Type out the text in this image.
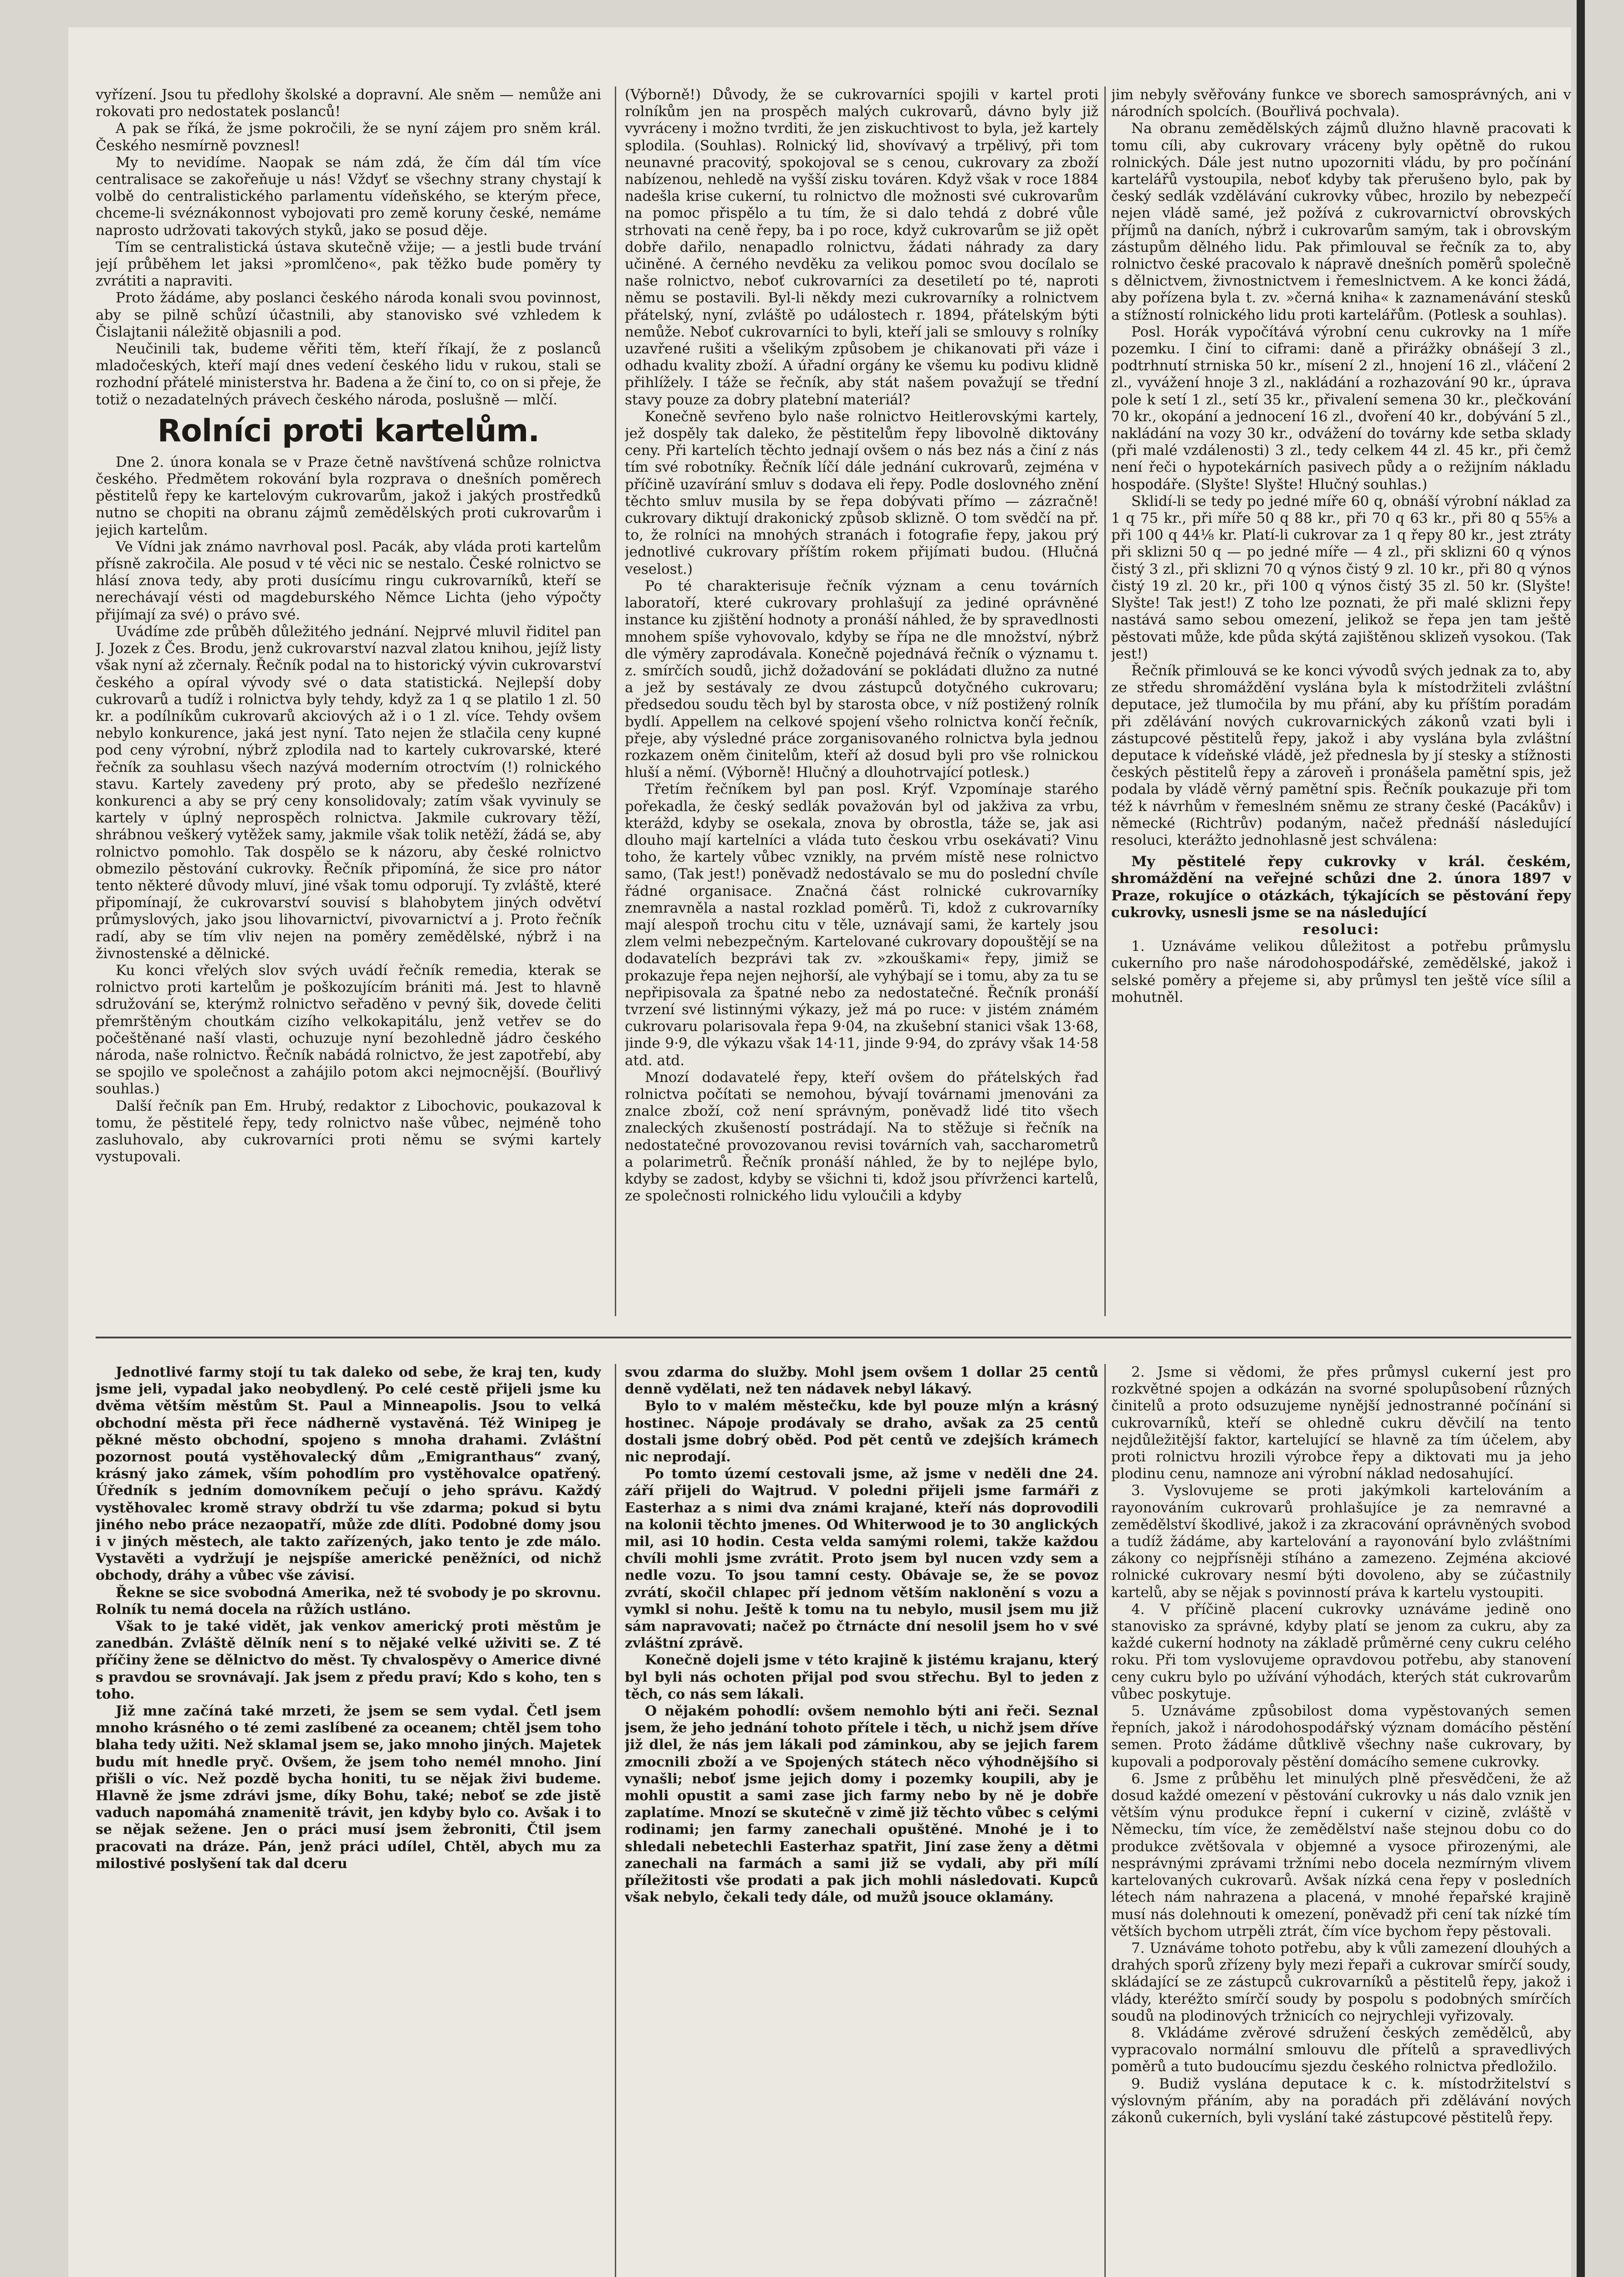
vyřízení. Jsou tu předlohy školské a dopravní. Ale sněm — nemůže ani rokovati pro nedostatek poslanců!

A pak se říká, že jsme pokročili, že se nyní zájem pro sněm král. Českého nesmírně povznesl!

My to nevidíme. Naopak se nám zdá, že čím dál tím více centralisace se zakořeňuje u nás! Vždyť se všechny strany chystají k volbě do centralistického parlamentu vídeňského, se kterým přece, chceme-li svéznákonnost vybojovati pro země koruny české, nemáme naprosto udržovati takových styků, jako se posud děje.

Tím se centralistická ústava skutečně vžije; — a jestli bude trvání její průběhem let jaksi »promlčeno«, pak těžko bude poměry ty zvrátiti a napraviti.

Proto žádáme, aby poslanci českého národa konali svou povinnost, aby se pilně schůzí účastnili, aby stanovisko své vzhledem k Čislajtanii náležitě objasnili a pod.

Neučinili tak, budeme věřiti těm, kteří říkají, že z poslanců mladočeských, kteří mají dnes vedení českého lidu v rukou, stali se rozhodní přátelé ministerstva hr. Badena a že činí to, co on si přeje, že totiž o nezadatelných právech českého národa, poslušně — mlčí.

Rolníci proti kartelům.

Dne 2. února konala se v Praze četně navštívená schůze rolnictva českého. Předmětem rokování byla rozprava o dnešních poměrech pěstitelů řepy ke kartelovým cukrovarům, jakož i jakých prostředků nutno se chopiti na obranu zájmů zemědělských proti cukrovarům i jejich kartelům.

Ve Vídni jak známo navrhoval posl. Pacák, aby vláda proti kartelům přísně zakročila. Ale posud v té věci nic se nestalo. České rolnictvo se hlásí znova tedy, aby proti dusícímu ringu cukrovarníků, kteří se nerechávají vésti od magdeburského Němce Lichta (jeho výpočty přijímají za své) o právo své.

Uvádíme zde průběh důležitého jednání. Nejprvé mluvil řiditel pan J. Jozek z Čes. Brodu, jenž cukrovarství nazval zlatou knihou, jejíž listy však nyní až zčernaly. Řečník podal na to historický vývin cukrovarství českého a opíral vývody své o data statistická. Nejlepší doby cukrovarů a tudíž i rolnictva byly tehdy, když za 1 q se platilo 1 zl. 50 kr. a podílníkům cukrovarů akciových až i o 1 zl. více. Tehdy ovšem nebylo konkurence, jaká jest nyní. Tato nejen že stlačila ceny kupné pod ceny výrobní, nýbrž zplodila nad to kartely cukrovarské, které řečník za souhlasu všech nazývá moderním otroctvím (!) rolnického stavu. Kartely zavedeny prý proto, aby se předešlo nezřízené konkurenci a aby se prý ceny konsolidovaly; zatím však vyvinuly se kartely v úplný neprospěch rolnictva. Jakmile cukrovary těží, shrábnou veškerý vytěžek samy, jakmile však tolik netěží, žádá se, aby rolnictvo pomohlo. Tak dospělo se k názoru, aby české rolnictvo obmezilo pěstování cukrovky. Řečník připomíná, že sice pro nátor tento některé důvody mluví, jiné však tomu odporují. Ty zvláště, které připomínají, že cukrovarství souvisí s blahobytem jiných odvětví průmyslových, jako jsou lihovarnictví, pivovarnictví a j. Proto řečník radí, aby se tím vliv nejen na poměry zemědělské, nýbrž i na živnostenské a dělnické.

Ku konci vřelých slov svých uvádí řečník remedia, kterak se rolnictvo proti kartelům je poškozujícím brániti má. Jest to hlavně sdružování se, kterýmž rolnictvo seřaděno v pevný šik, dovede čeliti přemrštěným choutkám cizího velkokapitálu, jenž vetřev se do počeštěnané naší vlasti, ochuzuje nyní bezohledně jádro českého národa, naše rolnictvo. Řečník nabádá rolnictvo, že jest zapotřebí, aby se spojilo ve společnost a zahájilo potom akci nejmocnější. (Bouřlivý souhlas.)

Další řečník pan Em. Hrubý, redaktor z Libochovic, poukazoval k tomu, že pěstitelé řepy, tedy rolnictvo naše vůbec, nejméně toho zasluhovalo, aby cukrovarníci proti němu se svými kartely vystupovali.

(Výborně!) Důvody, že se cukrovarníci spojili v kartel proti rolníkům jen na prospěch malých cukrovarů, dávno byly již vyvráceny i možno tvrditi, že jen ziskuchtivost to byla, jež kartely splodila. (Souhlas). Rolnický lid, shovívavý a trpělivý, při tom neunavné pracovitý, spokojoval se s cenou, cukrovary za zboží nabízenou, nehledě na vyšší zisku továren. Když však v roce 1884 nadešla krise cukerní, tu rolnictvo dle možnosti své cukrovarům na pomoc přispělo a tu tím, že si dalo tehdá z dobré vůle strhovati na ceně řepy, ba i po roce, když cukrovarům se již opět dobře dařilo, nenapadlo rolnictvu, žádati náhrady za dary učiněné. A černého nevděku za velikou pomoc svou docílalo se naše rolnictvo, neboť cukrovarníci za desetiletí po té, naproti němu se postavili. Byl-li někdy mezi cukrovarníky a rolnictvem přátelský, nyní, zvláště po událostech r. 1894, přátelským býti nemůže. Neboť cukrovarníci to byli, kteří jali se smlouvy s rolníky uzavřené rušiti a všelikým způsobem je chikanovati při váze i odhadu kvality zboží. A úřadní orgány ke všemu ku podivu klidně přihlížely. I táže se řečník, aby stát našem považují se třední stavy pouze za dobry platební materiál?

Konečně sevřeno bylo naše rolnictvo Heitlerovskými kartely, jež dospěly tak daleko, že pěstitelům řepy libovolně diktovány ceny. Při kartelích těchto jednají ovšem o nás bez nás a činí z nás tím své robotníky. Řečník líčí dále jednání cukrovarů, zejména v příčině uzavírání smluv s dodava eli řepy. Podle doslovného znění těchto smluv musila by se řepa dobývati přímo — zázračně! cukrovary diktují drakonický způsob sklizně. O tom svědčí na př. to, že rolníci na mnohých stranách i fotografie řepy, jakou prý jednotlivé cukrovary příštím rokem přijímati budou. (Hlučná veselost.)

Po té charakterisuje řečník význam a cenu továrních laboratoří, které cukrovary prohlašují za jediné oprávněné instance ku zjištění hodnoty a pronáší náhled, že by spravedlnosti mnohem spíše vyhovovalo, kdyby se řípa ne dle množství, nýbrž dle výměry zaprodávala. Konečně pojednává řečník o významu t. z. smírčích soudů, jichž dožadování se pokládati dlužno za nutné a jež by sestávaly ze dvou zástupců dotyčného cukrovaru; předsedou soudu těch byl by starosta obce, v níž postižený rolník bydlí. Appellem na celkové spojení všeho rolnictva končí řečník, přeje, aby výsledné práce zorganisovaného rolnictva byla jednou rozkazem oněm činitelům, kteří až dosud byli pro vše rolnickou hluší a němí. (Výborně! Hlučný a dlouhotrvající potlesk.)

Třetím řečníkem byl pan posl. Krýf. Vzpomínaje starého pořekadla, že český sedlák považován byl od jakživa za vrbu, kterážd, kdyby se osekala, znova by obrostla, táže se, jak asi dlouho mají kartelníci a vláda tuto českou vrbu osekávati? Vinu toho, že kartely vůbec vznikly, na prvém místě nese rolnictvo samo, (Tak jest!) poněvadž nedostávalo se mu do poslední chvíle řádné organisace. Značná část rolnické cukrovarníky znemravněla a nastal rozklad poměrů. Ti, kdož z cukrovarníky mají alespoň trochu citu v těle, uznávají sami, že kartely jsou zlem velmi nebezpečným. Kartelované cukrovary dopouštějí se na dodavatelích bezprávi tak zv. »zkouškami« řepy, jimiž se prokazuje řepa nejen nejhorší, ale vyhýbají se i tomu, aby za tu se nepřipisovala za špatné nebo za nedostatečné. Řečník pronáší tvrzení své listinnými výkazy, jež má po ruce: v jistém známém cukrovaru polarisovala řepa 9·04, na zkušební stanici však 13·68, jinde 9·9, dle výkazu však 14·11, jinde 9·94, do zprávy však 14·58 atd. atd.

Mnozí dodavatelé řepy, kteří ovšem do přátelských řad rolnictva počítati se nemohou, bývají továrnami jmenováni za znalce zboží, což není správným, poněvadž lidé tito všech znaleckých zkušeností postrádají. Na to stěžuje si řečník na nedostatečné provozovanou revisi továrních vah, saccharometrů a polarimetrů. Řečník pronáší náhled, že by to nejlépe bylo, kdyby se zadost, kdyby se všichni ti, kdož jsou přívrženci kartelů, ze společnosti rolnického lidu vyloučili a kdyby

jim nebyly svěřovány funkce ve sborech samosprávných, ani v národních spolcích. (Bouřlivá pochvala).

Na obranu zemědělských zájmů dlužno hlavně pracovati k tomu cíli, aby cukrovary vráceny byly opětně do rukou rolnických. Dále jest nutno upozorniti vládu, by pro počínání kartelářů vystoupila, neboť kdyby tak přerušeno bylo, pak by český sedlák vzdělávání cukrovky vůbec, hrozilo by nebezpečí nejen vládě samé, jež požívá z cukrovarnictví obrovských příjmů na daních, nýbrž i cukrovarům samým, tak i obrovským zástupům dělného lidu. Pak přimlouval se řečník za to, aby rolnictvo české pracovalo k nápravě dnešních poměrů společně s dělnictvem, živnostnictvem i řemeslnictvem. A ke konci žádá, aby pořízena byla t. zv. »černá kniha« k zaznamenávání stesků a stížností rolnického lidu proti kartelářům. (Potlesk a souhlas).

Posl. Horák vypočítává výrobní cenu cukrovky na 1 míře pozemku. I činí to ciframi: daně a přirážky obnášejí 3 zl., podtrhnutí strniska 50 kr., mísení 2 zl., hnojení 16 zl., vláčení 2 zl., vyvážení hnoje 3 zl., nakládání a rozhazování 90 kr., úprava pole k setí 1 zl., setí 35 kr., přivalení semena 30 kr., plečkování 70 kr., okopání a jednocení 16 zl., dvoření 40 kr., dobývání 5 zl., nakládání na vozy 30 kr., odvážení do továrny kde setba sklady (při malé vzdálenosti) 3 zl., tedy celkem 44 zl. 45 kr., při čemž není řeči o hypotekárních pasivech půdy a o režijním nákladu hospodáře. (Slyšte! Slyšte! Hlučný souhlas.)

Sklidí-li se tedy po jedné míře 60 q, obnáší výrobní náklad za 1 q 75 kr., při míře 50 q 88 kr., při 70 q 63 kr., při 80 q 55⅝ a při 100 q 44⅛ kr. Platí-li cukrovar za 1 q řepy 80 kr., jest ztráty při sklizni 50 q — po jedné míře — 4 zl., při sklizni 60 q výnos čistý 3 zl., při sklizni 70 q výnos čistý 9 zl. 10 kr., při 80 q výnos čistý 19 zl. 20 kr., při 100 q výnos čistý 35 zl. 50 kr. (Slyšte! Slyšte! Tak jest!) Z toho lze poznati, že při malé sklizni řepy nastává samo sebou omezení, jelikož se řepa jen tam ještě pěstovati může, kde půda skýtá zajištěnou sklizeň vysokou. (Tak jest!)

Řečník přimlouvá se ke konci vývodů svých jednak za to, aby ze středu shromáždění vyslána byla k místodržiteli zvláštní deputace, jež tlumočila by mu přání, aby ku příštím poradám při zdělávání nových cukrovarnických zákonů vzati byli i zástupcové pěstitelů řepy, jakož i aby vyslána byla zvláštní deputace k vídeňské vládě, jež přednesla by jí stesky a stížnosti českých pěstitelů řepy a zároveň i pronášela pamětní spis, jež podala by vládě věrný pamětní spis. Řečník poukazuje při tom též k návrhům v řemeslném sněmu ze strany české (Pacákův) i německé (Richtrův) podaným, načež přednáší následující resoluci, kterážto jednohlasně jest schválena:

My pěstitelé řepy cukrovky v král. českém, shromáždění na veřejné schůzi dne 2. února 1897 v Praze, rokujíce o otázkách, týkajících se pěstování řepy cukrovky, usnesli jsme se na následující

resoluci:

1. Uznáváme velikou důležitost a potřebu průmyslu cukerního pro naše národohospodářské, zemědělské, jakož i selské poměry a přejeme si, aby průmysl ten ještě více sílil a mohutněl.

Jednotlivé farmy stojí tu tak daleko od sebe, že kraj ten, kudy jsme jeli, vypadal jako neobydlený. Po celé cestě přijeli jsme ku dvěma větším městům St. Paul a Minneapolis. Jsou to velká obchodní města při řece nádherně vystavěná. Též Winipeg je pěkné město obchodní, spojeno s mnoha drahami. Zvláštní pozornost poutá vystěhovalecký dům „Emigranthaus“ zvaný, krásný jako zámek, vším pohodlím pro vystěhovalce opatřený. Úředník s jedním domovníkem pečují o jeho správu. Každý vystěhovalec kromě stravy obdrží tu vše zdarma; pokud si bytu jiného nebo práce nezaopatří, může zde dlíti. Podobné domy jsou i v jiných městech, ale takto zařízených, jako tento je zde málo. Vystavěti a vydržují je nejspíše americké peněžníci, od nichž obchody, dráhy a vůbec vše závisí.

Řekne se sice svobodná Amerika, než té svobody je po skrovnu. Rolník tu nemá docela na růžích ustláno.

Však to je také vidět, jak venkov americký proti městům je zanedbán. Zvláště dělník není s to nějaké velké uživiti se. Z té příčiny žene se dělnictvo do měst. Ty chvalospěvy o Americe divné s pravdou se srovnávají. Jak jsem z předu praví; Kdo s koho, ten s toho.

Již mne začíná také mrzeti, že jsem se sem vydal. Četl jsem mnoho krásného o té zemi zaslíbené za oceanem; chtěl jsem toho blaha tedy užiti. Než sklamal jsem se, jako mnoho jiných. Majetek budu mít hnedle pryč. Ovšem, že jsem toho nemél mnoho. Jiní přišli o víc. Než pozdě bycha honiti, tu se nějak živi budeme. Hlavně že jsme zdrávi jsme, díky Bohu, také; neboť se zde jistě vaduch napomáhá znamenitě trávit, jen kdyby bylo co. Avšak i to se nějak sežene. Jen o práci musí jsem žebroniti, Čtil jsem pracovati na dráze. Pán, jenž práci udílel, Chtěl, abych mu za milostivé poslyšení tak dal dceru

svou zdarma do služby. Mohl jsem ovšem 1 dollar 25 centů denně vydělati, než ten nádavek nebyl lákavý.

Bylo to v malém městečku, kde byl pouze mlýn a krásný hostinec. Nápoje prodávaly se draho, avšak za 25 centů dostali jsme dobrý oběd. Pod pět centů ve zdejších krámech nic neprodají.

Po tomto území cestovali jsme, až jsme v neděli dne 24. září přijeli do Wajtrud. V poledni přijeli jsme farmáři z Easterhaz a s nimi dva známi krajané, kteří nás doprovodili na kolonii těchto jmenes. Od Whiterwood je to 30 anglických mil, asi 10 hodin. Cesta velda samými rolemi, takže každou chvíli mohli jsme zvrátit. Proto jsem byl nucen vzdy sem a nedle vozu. To jsou tamní cesty. Obávaje se, že se povoz zvrátí, skočil chlapec pří jednom větším naklonění s vozu a vymkl si nohu. Ještě k tomu na tu nebylo, musil jsem mu již sám napravovati; načež po čtrnácte dní nesolil jsem ho v své zvláštní zprávě.

Konečně dojeli jsme v této krajině k jistému krajanu, který byl byli nás ochoten přijal pod svou střechu. Byl to jeden z těch, co nás sem lákali.

O nějakém pohodlí: ovšem nemohlo býti ani řeči. Seznal jsem, že jeho jednání tohoto přítele i těch, u nichž jsem dříve již dlel, že nás jem lákali pod záminkou, aby se jejich farem zmocnili zboží a ve Spojených státech něco výhodnějšího si vynašli; neboť jsme jejich domy i pozemky koupili, aby je mohli opustit a sami zase jich farmy nebo by ně je dobře zaplatíme. Mnozí se skutečně v zimě již těchto vůbec s celými rodinami; jen farmy zanechali opuštěné. Mnohé je i to shledali nebetechli Easterhaz spatřit, Jiní zase ženy a dětmi zanechali na farmách a sami již se vydali, aby při mílí příležitosti vše prodati a pak jich mohli následovati. Kupců však nebylo, čekali tedy dále, od mužů jsouce oklamány.

2. Jsme si vědomi, že přes průmysl cukerní jest pro rozkvětné spojen a odkázán na svorné spolupůsobení různých činitelů a proto odsuzujeme nynější jednostranné počínání si cukrovarníků, kteří se ohledně cukru děvčilí na tento nejdůležitější faktor, kartelující se hlavně za tím účelem, aby proti rolnictvu hrozili výrobce řepy a diktovati mu ja jeho plodinu cenu, namnoze ani výrobní náklad nedosahující.

3. Vyslovujeme se proti jakýmkoli kartelováním a rayonováním cukrovarů prohlašujíce je za nemravné a zemědělství škodlivé, jakož i za zkracování oprávněných svobod a tudíž žádáme, aby kartelování a rayonování bylo zvláštními zákony co nejpřísněji stíháno a zamezeno. Zejména akciové rolnické cukrovary nesmí býti dovoleno, aby se zúčastnily kartelů, aby se nějak s povinností práva k kartelu vystoupiti.

4. V příčině placení cukrovky uznáváme jedině ono stanovisko za správné, kdyby platí se jenom za cukru, aby za každé cukerní hodnoty na základě průměrné ceny cukru celého roku. Při tom vyslovujeme opravdovou potřebu, aby stanovení ceny cukru bylo po užívání výhodách, kterých stát cukrovarům vůbec poskytuje.

5. Uznáváme způsobilost doma vypěstovaných semen řepních, jakož i národohospodářský význam domácího pěstění semen. Proto žádáme důtklivě všechny naše cukrovary, by kupovali a podporovaly pěstění domácího semene cukrovky.

6. Jsme z průběhu let minulých plně přesvědčeni, že až dosud každé omezení v pěstování cukrovky u nás dalo vznik jen větším výnu produkce řepní i cukerní v cizině, zvláště v Německu, tím více, že zemědělství naše stejnou dobu co do produkce zvětšovala v objemné a vysoce přirozenými, ale nesprávnými zprávami tržními nebo docela nezmírným vlivem kartelovaných cukrovarů. Avšak nízká cena řepy v posledních létech nám nahrazena a placená, v mnohé řepařské krajině musí nás dolehnouti k omezení, poněvadž při cení tak nízké tím větších bychom utrpěli ztrát, čím více bychom řepy pěstovali.

7. Uznáváme tohoto potřebu, aby k vůli zamezení dlouhých a drahých sporů zřízeny byly mezi řepaři a cukrovar smírčí soudy, skládající se ze zástupců cukrovarníků a pěstitelů řepy, jakož i vlády, kteréžto smírčí soudy by pospolu s podobných smírčích soudů na plodinových tržnicích co nejrychleji vyřizovaly.

8. Vkládáme zvěrové sdružení českých zemědělců, aby vypracovalo normální smlouvu dle přítelů a spravedlivých poměrů a tuto budoucímu sjezdu českého rolnictva předložilo.

9. Budiž vyslána deputace k c. k. místodržitelství s výslovným přáním, aby na poradách při zdělávání nových zákonů cukerních, byli vyslání také zástupcové pěstitelů řepy.
